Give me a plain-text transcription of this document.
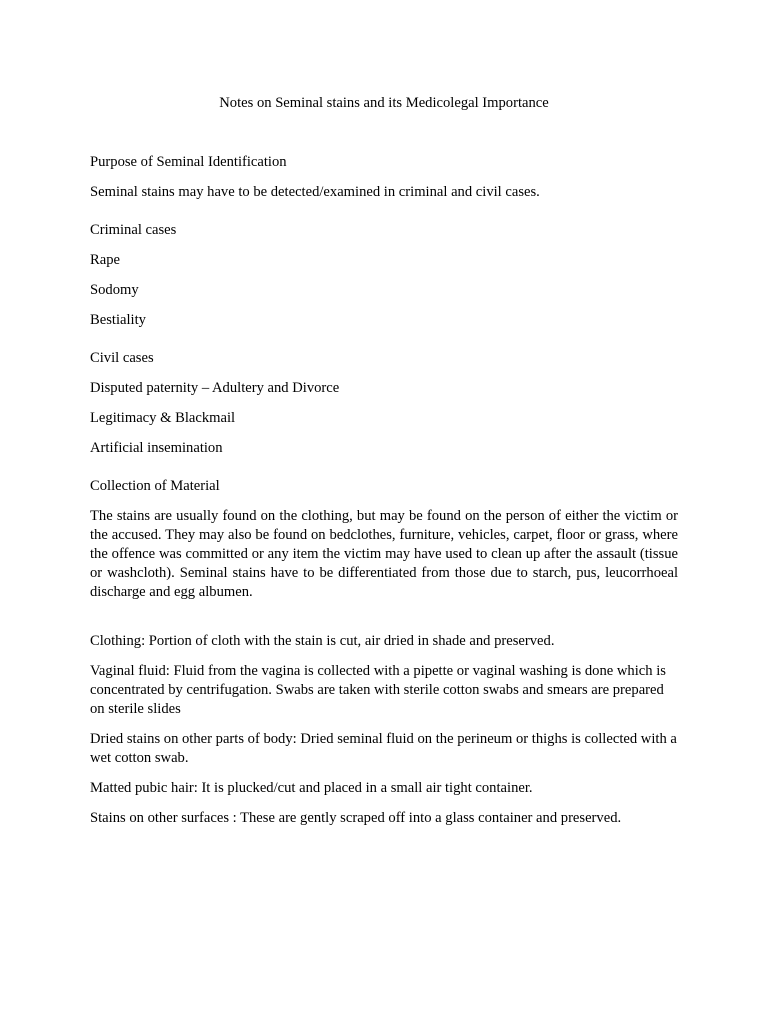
Notes on Seminal stains and its Medicolegal Importance

Purpose of Seminal Identification

Seminal stains may have to be detected/examined in criminal and civil cases.

Criminal cases

Rape

Sodomy

Bestiality

Civil cases

Disputed paternity – Adultery and Divorce

Legitimacy & Blackmail

Artificial insemination

Collection of Material

The stains are usually found on the clothing, but may be found on the person of either the victim or the accused. They may also be found on bedclothes, furniture, vehicles, carpet, floor or grass, where the offence was committed or any item the victim may have used to clean up after the assault (tissue or washcloth). Seminal stains have to be differentiated from those due to starch, pus, leucorrhoeal discharge and egg albumen.

Clothing: Portion of cloth with the stain is cut, air dried in shade and preserved.

Vaginal fluid: Fluid from the vagina is collected with a pipette or vaginal washing is done which is concentrated by centrifugation. Swabs are taken with sterile cotton swabs and smears are prepared on sterile slides

Dried stains on other parts of body: Dried seminal fluid on the perineum or thighs is collected with a wet cotton swab.

Matted pubic hair: It is plucked/cut and placed in a small air tight container.

Stains on other surfaces : These are gently scraped off into a glass container and preserved.
